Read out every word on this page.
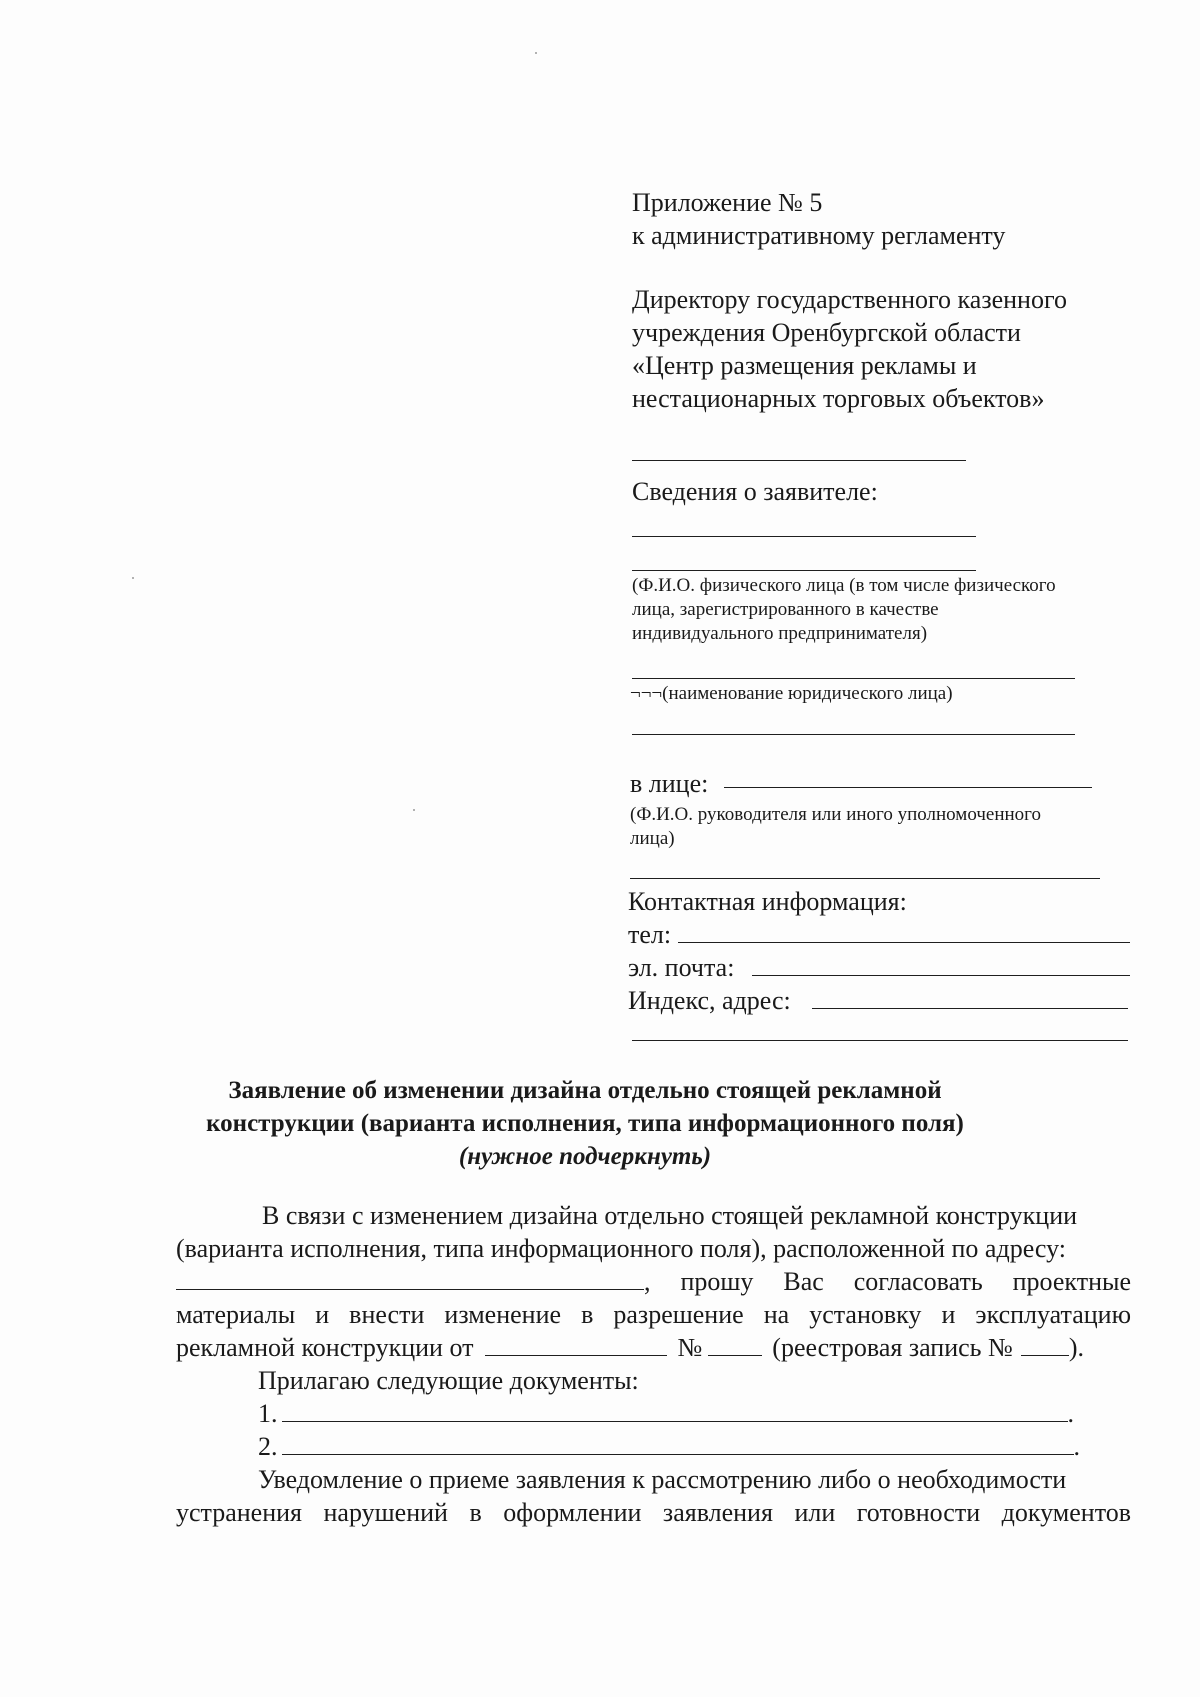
Приложение № 5
к административному регламенту
Директору государственного казенного
учреждения Оренбургской области
«Центр размещения рекламы и
нестационарных торговых объектов»
Сведения о заявителе:
(Ф.И.О. физического лица (в том числе физического
лица, зарегистрированного в качестве
индивидуального предпринимателя)
¬¬¬(наименование юридического лица)
в лице:
(Ф.И.О. руководителя или иного уполномоченного
лица)
Контактная информация:
тел:
эл. почта:
Индекс, адрес:
Заявление об изменении дизайна отдельно стоящей рекламной
конструкции (варианта исполнения, типа информационного поля)
(нужное подчеркнуть)
В связи с изменением дизайна отдельно стоящей рекламной конструкции
(варианта исполнения, типа информационного поля), расположенной по адресу:
, прошу Вас согласовать проектные
материалы и внести изменение в разрешение на установку и эксплуатацию
рекламной конструкции от	№	(реестровая запись № ).
Прилагаю следующие документы:
1.	.
2.	.
Уведомление о приеме заявления к рассмотрению либо о необходимости
устранения нарушений в оформлении заявления или готовности документов
